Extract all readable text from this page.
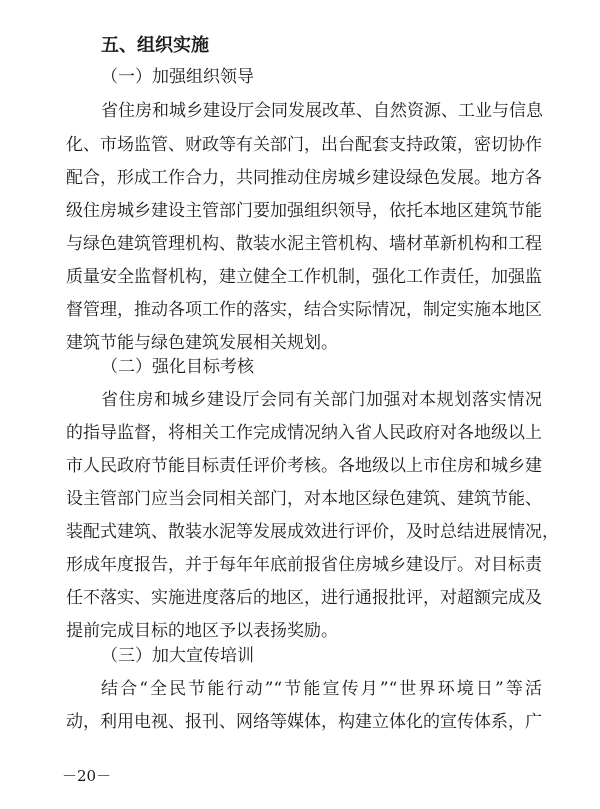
五、组织实施
（一）加强组织领导
省住房和城乡建设厅会同发展改革、自然资源、工业与信息
化、市场监管、财政等有关部门，出台配套支持政策，密切协作
配合，形成工作合力，共同推动住房城乡建设绿色发展。地方各
级住房城乡建设主管部门要加强组织领导，依托本地区建筑节能
与绿色建筑管理机构、散装水泥主管机构、墙材革新机构和工程
质量安全监督机构，建立健全工作机制，强化工作责任，加强监
督管理，推动各项工作的落实，结合实际情况，制定实施本地区
建筑节能与绿色建筑发展相关规划。
（二）强化目标考核
省住房和城乡建设厅会同有关部门加强对本规划落实情况
的指导监督，将相关工作完成情况纳入省人民政府对各地级以上
市人民政府节能目标责任评价考核。各地级以上市住房和城乡建
设主管部门应当会同相关部门，对本地区绿色建筑、建筑节能、
装配式建筑、散装水泥等发展成效进行评价，及时总结进展情况，
形成年度报告，并于每年年底前报省住房城乡建设厅。对目标责
任不落实、实施进度落后的地区，进行通报批评，对超额完成及
提前完成目标的地区予以表扬奖励。
（三）加大宣传培训
结合“全民节能行动”“节能宣传月”“世界环境日”等活
动，利用电视、报刊、网络等媒体，构建立体化的宣传体系，广
－20－
